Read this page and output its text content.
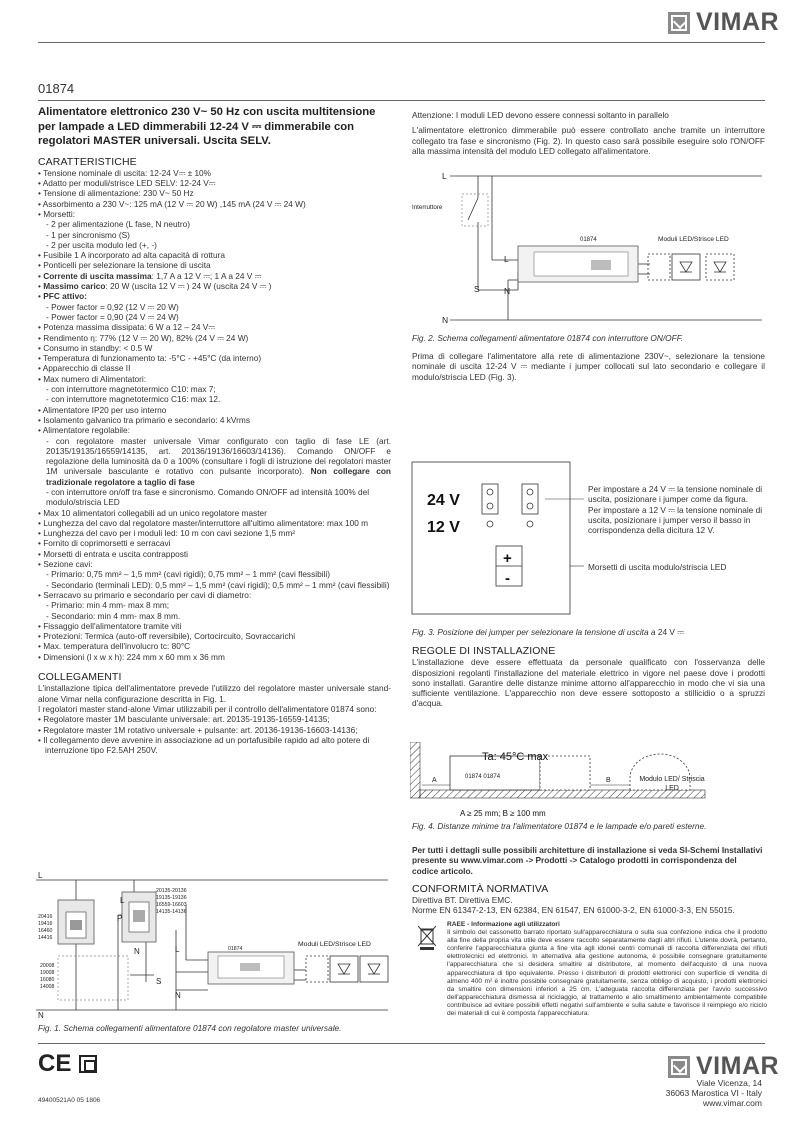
VIMAR
01874

Alimentatore elettronico 230 V~ 50 Hz con uscita multitensione per lampade a LED dimmerabili 12-24 V ⎓ dimmerabile con regolatori MASTER universali. Uscita SELV.

CARATTERISTICHE

• Tensione nominale di uscita: 12-24 V⎓ ± 10%

• Adatto per moduli/strisce LED SELV: 12-24 V⎓

• Tensione di alimentazione: 230 V~ 50 Hz

• Assorbimento a 230 V~: 125 mA (12 V ⎓ 20 W) ,145 mA (24 V ⎓ 24 W)

• Morsetti:

- 2 per alimentazione (L fase, N neutro)

- 1 per sincronismo (S)

- 2 per uscita modulo led (+, -)

• Fusibile 1 A incorporato ad alta capacità di rottura

• Ponticelli per selezionare la tensione di uscita

• Corrente di uscita massima: 1,7 A a 12 V ⎓; 1 A a 24 V ⎓

• Massimo carico: 20 W (uscita 12 V ⎓ ) 24 W (uscita 24 V ⎓ )

• PFC attivo:

- Power factor = 0,92 (12 V ⎓ 20 W)

- Power factor = 0,90 (24 V ⎓ 24 W)

• Potenza massima dissipata: 6 W a 12 – 24 V⎓

• Rendimento η: 77% (12 V ⎓ 20 W), 82% (24 V ⎓ 24 W)

• Consumo in standby: < 0.5 W

• Temperatura di funzionamento ta: -5°C - +45°C (da interno)

• Apparecchio di classe II

• Max numero di Alimentatori:

- con interruttore magnetotermico C10: max 7;

- con interruttore magnetotermico C16: max 12.

• Alimentatore IP20 per uso interno

• Isolamento galvanico tra primario e secondario: 4 kVrms

• Alimentatore regolabile:

- con regolatore master universale Vimar configurato con taglio di fase LE (art. 20135/19135/16559/14135, art. 20136/19136/16603/14136). Comando ON/OFF e regolazione della luminosità da 0 a 100% (consultare i fogli di istruzione dei regolatori master 1M universale basculante e rotativo con pulsante incorporato). Non collegare con tradizionale regolatore a taglio di fase

- con interruttore on/off tra fase e sincronismo. Comando ON/OFF ad intensità 100% del modulo/striscia LED

• Max 10 alimentatori collegabili ad un unico regolatore master

• Lunghezza del cavo dal regolatore master/interruttore all'ultimo alimentatore: max 100 m

• Lunghezza del cavo per i moduli led: 10 m con cavi sezione 1,5 mm²

• Fornito di coprimorsetti e serracavi

• Morsetti di entrata e uscita contrapposti

• Sezione cavi:

- Primario: 0,75 mm² – 1,5 mm² (cavi rigidi); 0,75 mm² – 1 mm² (cavi flessibili)

- Secondario (terminali LED): 0,5 mm² – 1,5 mm² (cavi rigidi); 0,5 mm² – 1 mm² (cavi flessibili)

• Serracavo su primario e secondario per cavi di diametro:

- Primario: min 4 mm- max 8 mm;

- Secondario: min 4 mm- max 8 mm.

• Fissaggio dell'alimentatore tramite viti

• Protezioni: Termica (auto-off reversibile), Cortocircuito, Sovraccarichi

• Max. temperatura dell'involucro tc: 80°C

• Dimensioni (l x w x h): 224 mm x 60 mm x 36 mm

COLLEGAMENTI

L'installazione tipica dell'alimentatore prevede l'utilizzo del regolatore master universale stand-alone Vimar nella configurazione descritta in Fig. 1.

I regolatori master stand-alone Vimar utilizzabili per il controllo dell'alimentatore 01874 sono:

• Regolatore master 1M basculante universale: art. 20135-19135-16559-14135;

• Regolatore master 1M rotativo universale + pulsante: art. 20136-19136-16603-14136;

• Il collegamento deve avvenire in associazione ad un portafusibile rapido ad alto potere di interruzione tipo F2.5AH 250V.

L
N
L
P
N	L
S
N
20416
19416
16460
14416
20008
19008
16080
14008
20135-20136
19135-19136
16559-16603
14135-14136
01874
Moduli LED/Strisce LED
Fig. 1. Schema collegamenti alimentatore 01874 con regolatore master universale.

Attenzione: I moduli LED devono essere connessi soltanto in parallelo

L'alimentatore elettronico dimmerabile può essere controllato anche tramite un interruttore collegato tra fase e sincronismo (Fig. 2). In questo caso sarà possibile eseguire solo l'ON/OFF alla massima intensità del modulo LED collegato all'alimentatore.

L
N
L
S	N
Interruttore
01874	Moduli LED/Strisce LED
Fig. 2. Schema collegamenti alimentatore 01874 con interruttore ON/OFF.
Prima di collegare l'alimentatore alla rete di alimentazione 230V~, selezionare la tensione nominale di uscita 12-24 V ⎓ mediante i jumper collocati sul lato secondario e collegare il modulo/striscia LED (Fig. 3).
24 V
12 V
+
-

Per impostare a 24 V ⎓ la tensione nominale di uscita, posizionare i jumper come da figura.

Per impostare a 12 V ⎓ la tensione nominale di uscita, posizionare i jumper verso il basso in corrispondenza della dicitura 12 V.

Morsetti di uscita modulo/striscia LED
Fig. 3. Posizione dei jumper per selezionare la tensione di uscita a 24 V ⎓
REGOLE DI INSTALLAZIONE

L'installazione deve essere effettuata da personale qualificato con l'osservanza delle disposizioni regolanti l'installazione del materiale elettrico in vigore nel paese dove i prodotti sono installati. Garantire delle distanze minime attorno all'apparecchio in modo che vi sia una sufficiente ventilazione. L'apparecchio non deve essere sottoposto a stillicidio o a spruzzi d'acqua.

Ta: 45°C max
01874 01874
A	B
A ≥ 25 mm; B ≥ 100 mm
Modulo LED/ Striscia LED
Fig. 4. Distanze minime tra l'alimentatore 01874 e le lampade e/o pareti esterne.

Per tutti i dettagli sulle possibili architetture di installazione si veda SI-Schemi Installativi presente su www.vimar.com -> Prodotti -> Catalogo prodotti in corrispondenza del codice articolo.

CONFORMITÀ NORMATIVA

Direttiva BT. Direttiva EMC.

Norme EN 61347-2-13, EN 62384, EN 61547, EN 61000-3-2, EN 61000-3-3, EN 55015.

RAEE - Informazione agli utilizzatori
Il simbolo del cassonetto barrato riportato sull'apparecchiatura o sulla sua confezione indica che il prodotto alla fine della propria vita utile deve essere raccolto separatamente dagli altri rifiuti. L'utente dovrà, pertanto, conferire l'apparecchiatura giunta a fine vita agli idonei centri comunali di raccolta differenziata dei rifiuti elettrotecnici ed elettronici. In alternativa alla gestione autonoma, è possibile consegnare gratuitamente l'apparecchiatura che si desidera smaltire al distributore, al momento dell'acquisto di una nuova apparecchiatura di tipo equivalente. Presso i distributori di prodotti elettronici con superficie di vendita di almeno 400 m² è inoltre possibile consegnare gratuitamente, senza obbligo di acquisto, i prodotti elettronici da smaltire con dimensioni inferiori a 25 cm. L'adeguata raccolta differenziata per l'avvio successivo dell'apparecchiatura dismessa al riciclaggio, al trattamento e allo smaltimento ambientalmente compatibile contribuisce ad evitare possibili effetti negativi sull'ambiente e sulla salute e favorisce il reimpiego e/o riciclo dei materiali di cui è composta l'apparecchiatura.
CE
49400521A0 05 1806
VIMAR
Viale Vicenza, 14
36063 Marostica VI - Italy
www.vimar.com
